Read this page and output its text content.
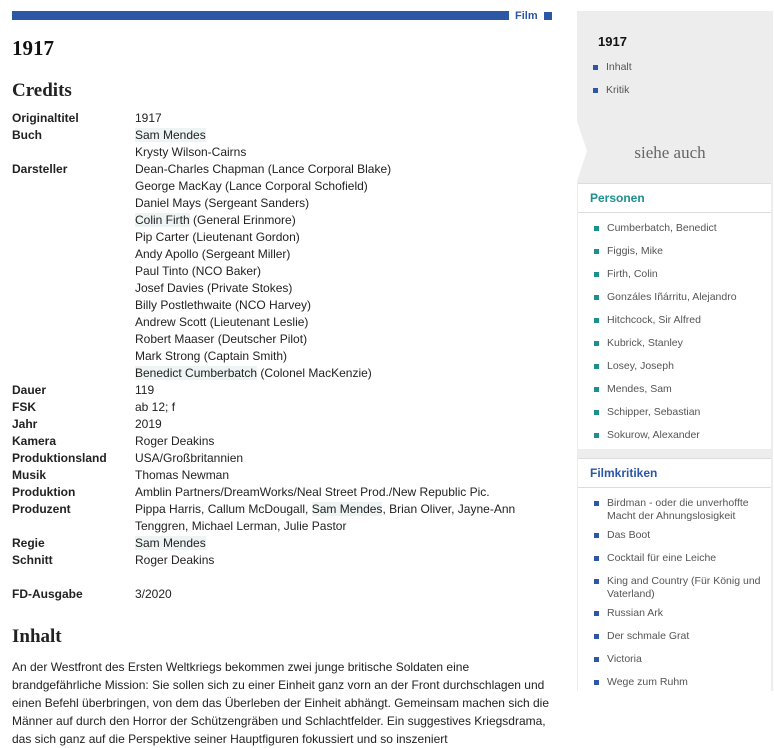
Film
1917
Credits
Originaltitel	1917
Buch	Sam Mendes
Krysty Wilson-Cairns
Darsteller	Dean-Charles Chapman (Lance Corporal Blake)
George MacKay (Lance Corporal Schofield)
Daniel Mays (Sergeant Sanders)
Colin Firth (General Erinmore)
Pip Carter (Lieutenant Gordon)
Andy Apollo (Sergeant Miller)
Paul Tinto (NCO Baker)
Josef Davies (Private Stokes)
Billy Postlethwaite (NCO Harvey)
Andrew Scott (Lieutenant Leslie)
Robert Maaser (Deutscher Pilot)
Mark Strong (Captain Smith)
Benedict Cumberbatch (Colonel MacKenzie)
Dauer	119
FSK	ab 12; f
Jahr	2019
Kamera	Roger Deakins
Produktionsland	USA/Großbritannien
Musik	Thomas Newman
Produktion	Amblin Partners/DreamWorks/Neal Street Prod./New Republic Pic.
Produzent	Pippa Harris, Callum McDougall, Sam Mendes, Brian Oliver, Jayne-Ann Tenggren, Michael Lerman, Julie Pastor
Regie	Sam Mendes
Schnitt	Roger Deakins
FD-Ausgabe	3/2020
Inhalt
An der Westfront des Ersten Weltkriegs bekommen zwei junge britische Soldaten eine brandgefährliche Mission: Sie sollen sich zu einer Einheit ganz vorn an der Front durchschlagen und einen Befehl überbringen, von dem das Überleben der Einheit abhängt. Gemeinsam machen sich die Männer auf durch den Horror der Schützengräben und Schlachtfelder. Ein suggestives Kriegsdrama, das sich ganz auf die Perspektive seiner Hauptfiguren fokussiert und so inszeniert
1917
Inhalt
Kritik
siehe auch
Personen
Cumberbatch, Benedict
Figgis, Mike
Firth, Colin
Gonzáles Iñárritu, Alejandro
Hitchcock, Sir Alfred
Kubrick, Stanley
Losey, Joseph
Mendes, Sam
Schipper, Sebastian
Sokurow, Alexander
Filmkritiken
Birdman - oder die unverhoffte Macht der Ahnungslosigkeit
Das Boot
Cocktail für eine Leiche
King and Country (Für König und Vaterland)
Russian Ark
Der schmale Grat
Victoria
Wege zum Ruhm
